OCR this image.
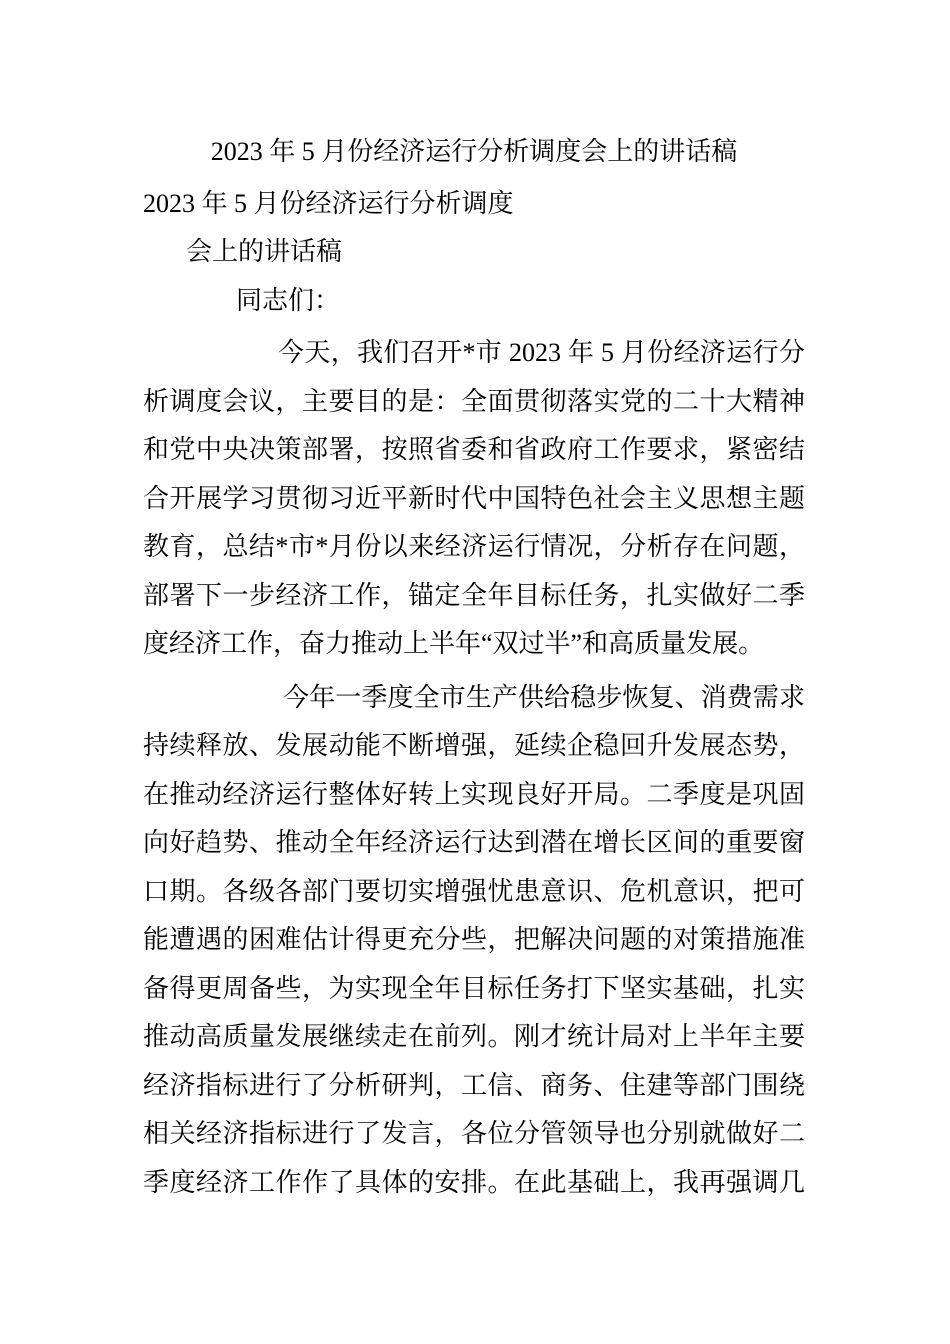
2023 年 5 月份经济运行分析调度会上的讲话稿
2023 年 5 月份经济运行分析调度
会上的讲话稿
同志们：
今天，我们召开*市 2023 年 5 月份经济运行分
析调度会议，主要目的是：全面贯彻落实党的二十大精神
和党中央决策部署，按照省委和省政府工作要求，紧密结
合开展学习贯彻习近平新时代中国特色社会主义思想主题
教育，总结*市*月份以来经济运行情况，分析存在问题，
部署下一步经济工作，锚定全年目标任务，扎实做好二季
度经济工作，奋力推动上半年“双过半”和高质量发展。
今年一季度全市生产供给稳步恢复、消费需求
持续释放、发展动能不断增强，延续企稳回升发展态势，
在推动经济运行整体好转上实现良好开局。二季度是巩固
向好趋势、推动全年经济运行达到潜在增长区间的重要窗
口期。各级各部门要切实增强忧患意识、危机意识，把可
能遭遇的困难估计得更充分些，把解决问题的对策措施准
备得更周备些，为实现全年目标任务打下坚实基础，扎实
推动高质量发展继续走在前列。刚才统计局对上半年主要
经济指标进行了分析研判，工信、商务、住建等部门围绕
相关经济指标进行了发言，各位分管领导也分别就做好二
季度经济工作作了具体的安排。在此基础上，我再强调几
